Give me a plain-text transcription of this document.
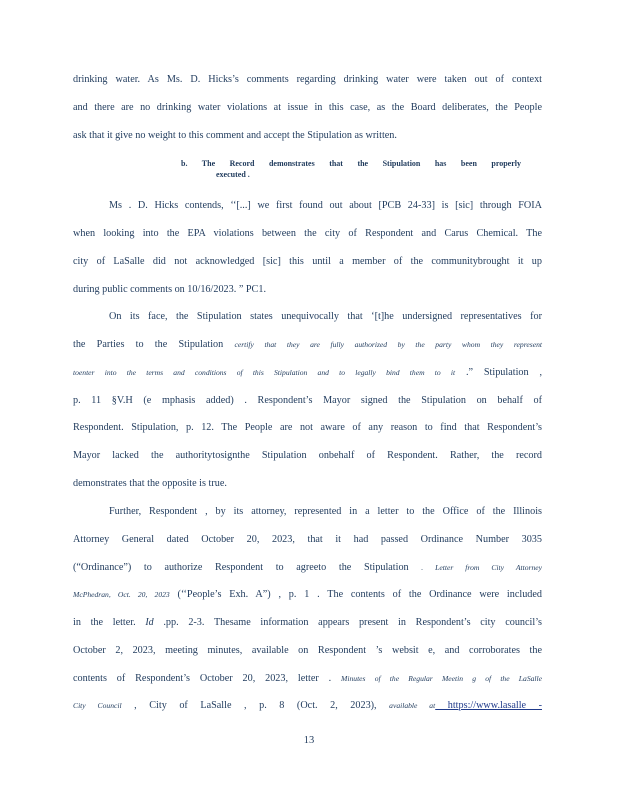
drinking water. As Ms. D. Hicks’s comments regarding drinking water were taken out of context
and there are no drinking water violations at issue in this case, as the Board deliberates, the People
ask that it give no weight to this comment and accept the Stipulation as written.
b. The Record demonstrates that the Stipulation has been properly
executed .
Ms . D. Hicks contends, ‘‘[...] we first found out about [PCB 24-33] is [sic] through FOIA
when looking into the EPA violations between the city of Respondent and Carus Chemical. The
city of LaSalle did not acknowledged [sic] this until a member of the communitybrought it up
during public comments on 10/16/2023. ” PC1.
On its face, the Stipulation states unequivocally that ‘[t]he undersigned representatives for
the Parties to the Stipulation certify that they are fully authorized by the party whom they represent
toenter into the terms and conditions of this Stipulation and to legally bind them to it .” Stipulation ,
p. 11 §V.H (e mphasis added) . Respondent’s Mayor signed the Stipulation on behalf of
Respondent. Stipulation, p. 12. The People are not aware of any reason to find that Respondent’s
Mayor lacked the authoritytosignthe Stipulation onbehalf of Respondent. Rather, the record
demonstrates that the opposite is true.
Further, Respondent , by its attorney, represented in a letter to the Office of the Illinois
Attorney General dated October 20, 2023, that it had passed Ordinance Number 3035
(“Ordinance”) to authorize Respondent to agreeto the Stipulation . Letter from City Attorney
McPhedran, Oct. 20, 2023 (‘‘People’s Exh. A”) , p. 1 . The contents of the Ordinance were included
in the letter. Id .pp. 2-3. Thesame information appears present in Respondent’s city council’s
October 2, 2023, meeting minutes, available on Respondent ’s websit e, and corroborates the
contents of Respondent’s October 20, 2023, letter . Minutes of the Regular Meetin g of the LaSalle
City Council , City of LaSalle , p. 8 (Oct. 2, 2023), available at https://www.lasalle -
13
